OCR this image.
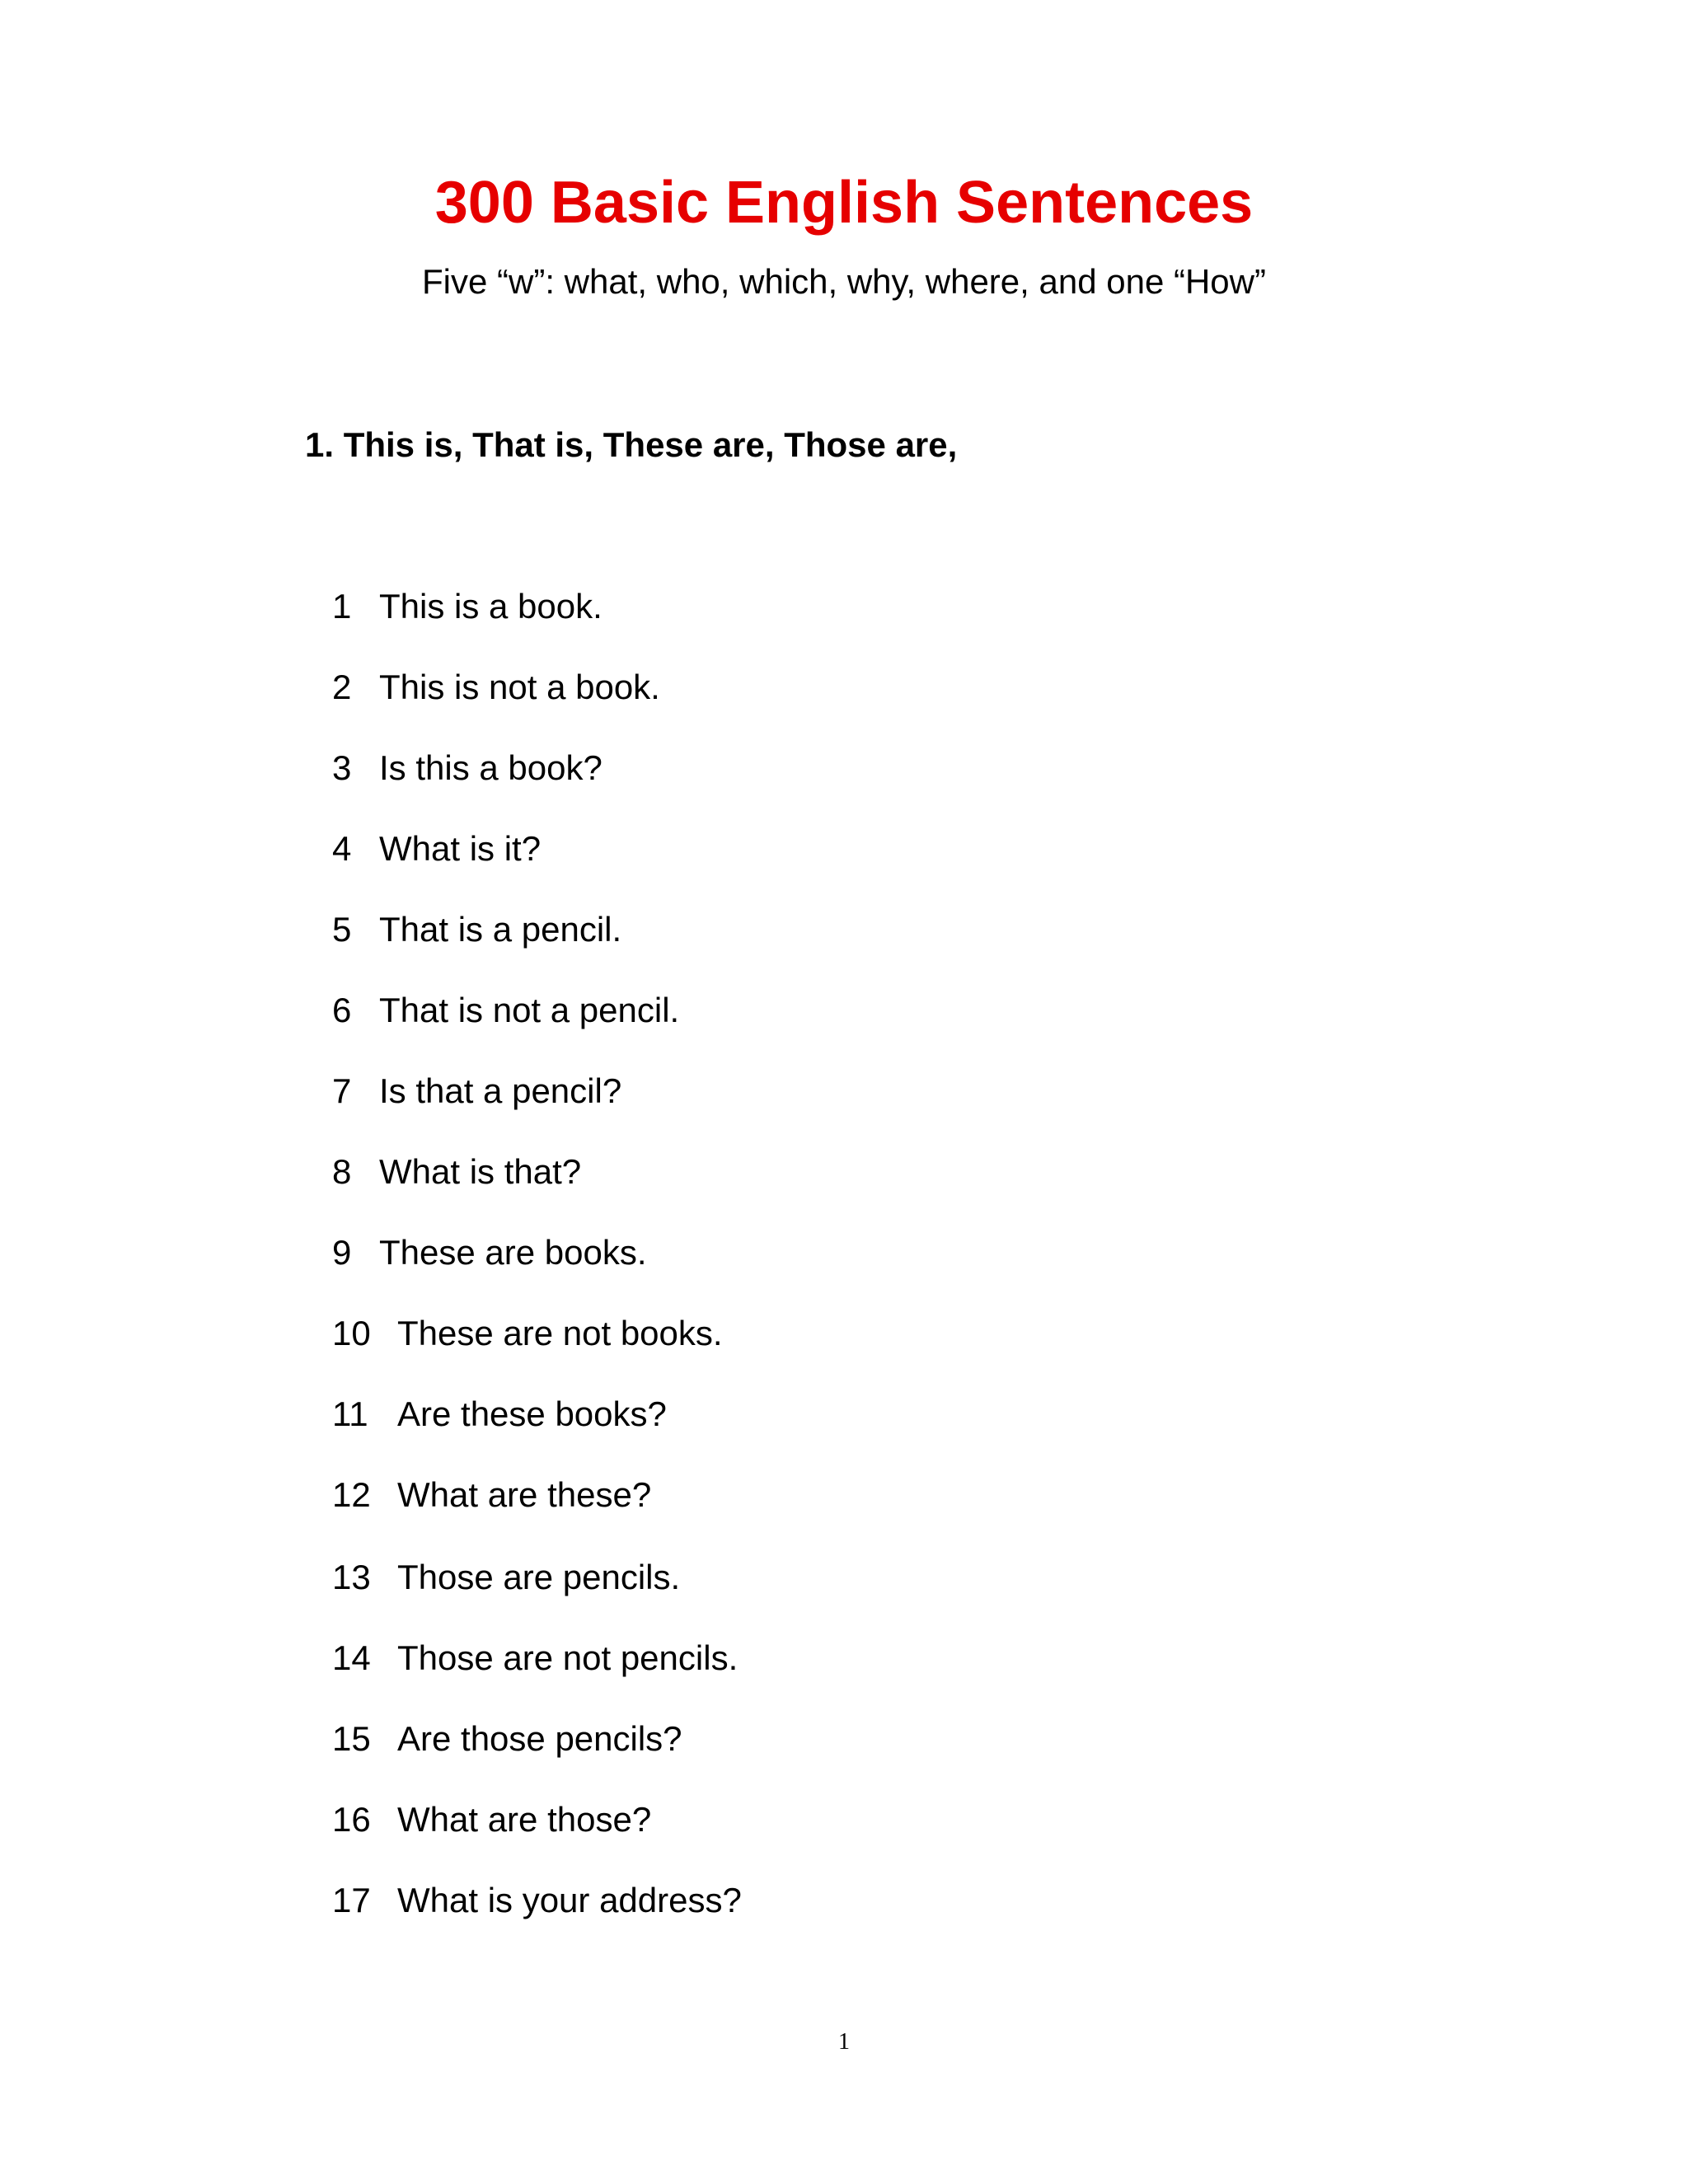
300 Basic English Sentences

Five “w”: what, who, which, why, where, and one “How”

1. This is, That is, These are, Those are,
1 This is a book.
2 This is not a book.
3 Is this a book?
4 What is it?
5 That is a pencil.
6 That is not a pencil.
7 Is that a pencil?
8 What is that?
9 These are books.
10 These are not books.
11 Are these books?
12 What are these?
13 Those are pencils.
14 Those are not pencils.
15 Are those pencils?
16 What are those?
17 What is your address?
1
